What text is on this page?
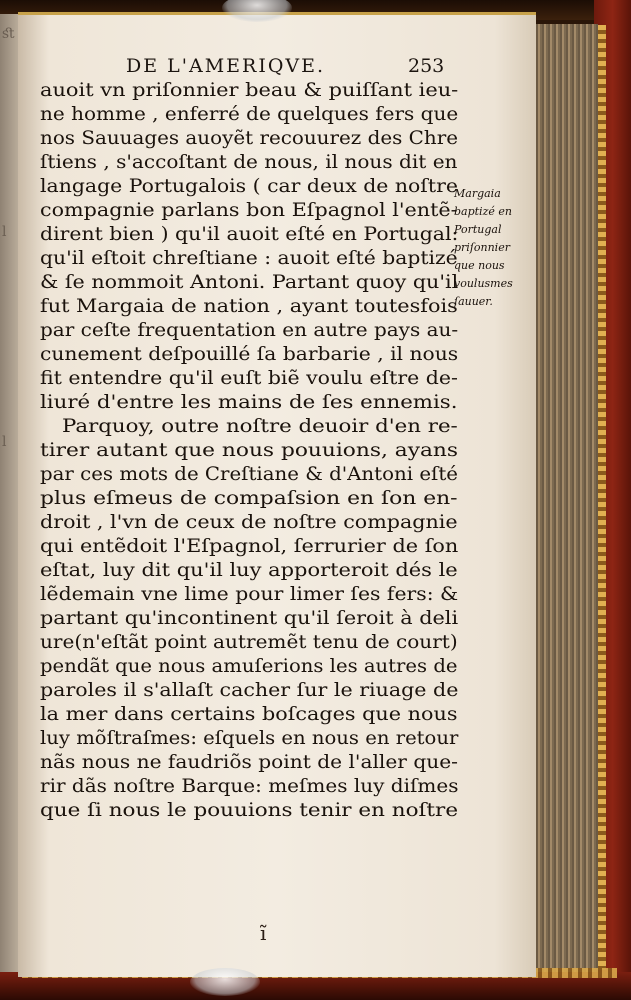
ﬆ
l
l
DE L'AMERIQVE.	253
auoit vn priſonnier beau & puiſſant ieu-
ne homme , enferré de quelques fers que
nos Sauuages auoyẽt recouurez des Chre
ſtiens , s'accoſtant de nous, il nous dit en
langage Portugalois ( car deux de noſtre
compagnie parlans bon Eſpagnol l'entẽ-
dirent bien ) qu'il auoit eſté en Portugal:
qu'il eſtoit chreſtiane : auoit eſté baptizé
& ſe nommoit Antoni. Partant quoy qu'il
fut Margaia de nation , ayant toutesfois
par ceſte frequentation en autre pays au-
cunement deſpouillé ſa barbarie , il nous
fit entendre qu'il euſt biẽ voulu eſtre de-
liuré d'entre les mains de ſes ennemis.
Parquoy, outre noſtre deuoir d'en re-
tirer autant que nous pouuions, ayans
par ces mots de Creſtiane & d'Antoni eſté
plus eſmeus de compaſsion en ſon en-
droit , l'vn de ceux de noſtre compagnie
qui entẽdoit l'Eſpagnol, ſerrurier de ſon
eſtat, luy dit qu'il luy apporteroit dés le
lẽdemain vne lime pour limer ſes fers: &
partant qu'incontinent qu'il ſeroit à deli
ure(n'eſtãt point autremẽt tenu de court)
pendãt que nous amuſerions les autres de
paroles il s'allaſt cacher ſur le riuage de
la mer dans certains boſcages que nous
luy mõſtraſmes: eſquels en nous en retour
nãs nous ne faudriõs point de l'aller que-
rir dãs noſtre Barque: meſmes luy diſmes
que ſi nous le pouuions tenir en noſtre
Margaia
baptizé en
Portugal
priſonnier
que nous
voulusmes
ſauuer.
ĩ
